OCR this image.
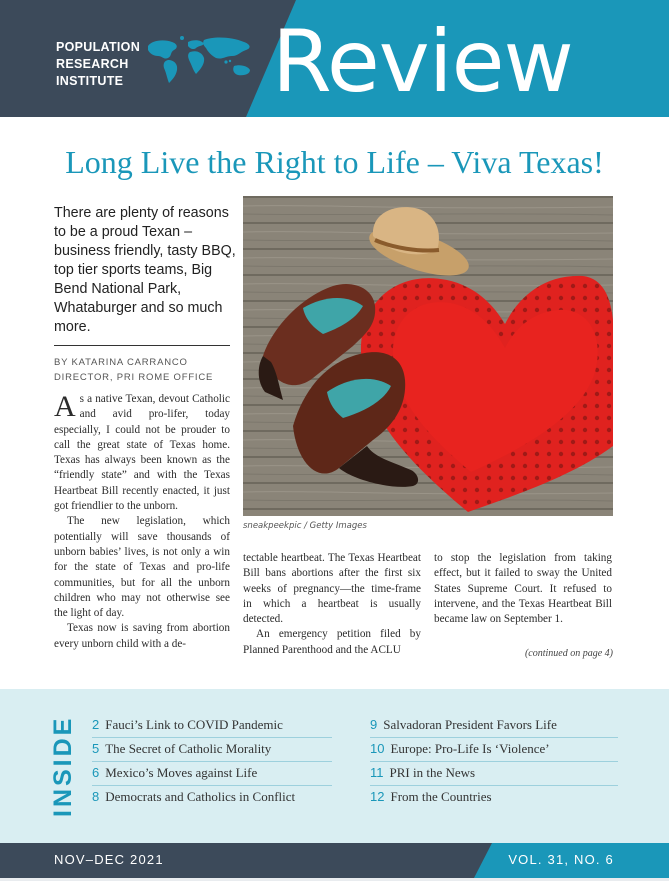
POPULATION
RESEARCH
INSTITUTE Review
Long Live the Right to Life – Viva Texas!
There are plenty of reasons to be a proud Texan – business friendly, tasty BBQ, top tier sports teams, Big Bend National Park, Whataburger and so much more.
BY KATARINA CARRANCO
DIRECTOR, PRI ROME OFFICE

As a native Texan, devout Catholic and avid pro-lifer, today especially, I could not be prouder to call the great state of Texas home. Texas has always been known as the “friendly state” and with the Texas Heartbeat Bill recently enacted, it just got friendlier to the unborn.

The new legislation, which potentially will save thousands of unborn babies’ lives, is not only a win for the state of Texas and pro-life communities, but for all the unborn children who may not otherwise see the light of day.

Texas now is saving from abortion every unborn child with a de-

sneakpeekpic / Getty Images

tectable heartbeat. The Texas Heartbeat Bill bans abortions after the first six weeks of pregnancy—the time-frame in which a heartbeat is usually detected.

An emergency petition filed by Planned Parenthood and the ACLU

to stop the legislation from taking effect, but it failed to sway the United States Supreme Court. It refused to intervene, and the Texas Heartbeat Bill became law on September 1.

(continued on page 4)
INSIDE 2 Fauci’s Link to COVID Pandemic
5 The Secret of Catholic Morality
6 Mexico’s Moves against Life
8 Democrats and Catholics in Conflict
9 Salvadoran President Favors Life
10 Europe: Pro-Life Is ‘Violence’
11 PRI in the News
12 From the Countries
NOV–DEC 2021	VOL. 31, NO. 6
